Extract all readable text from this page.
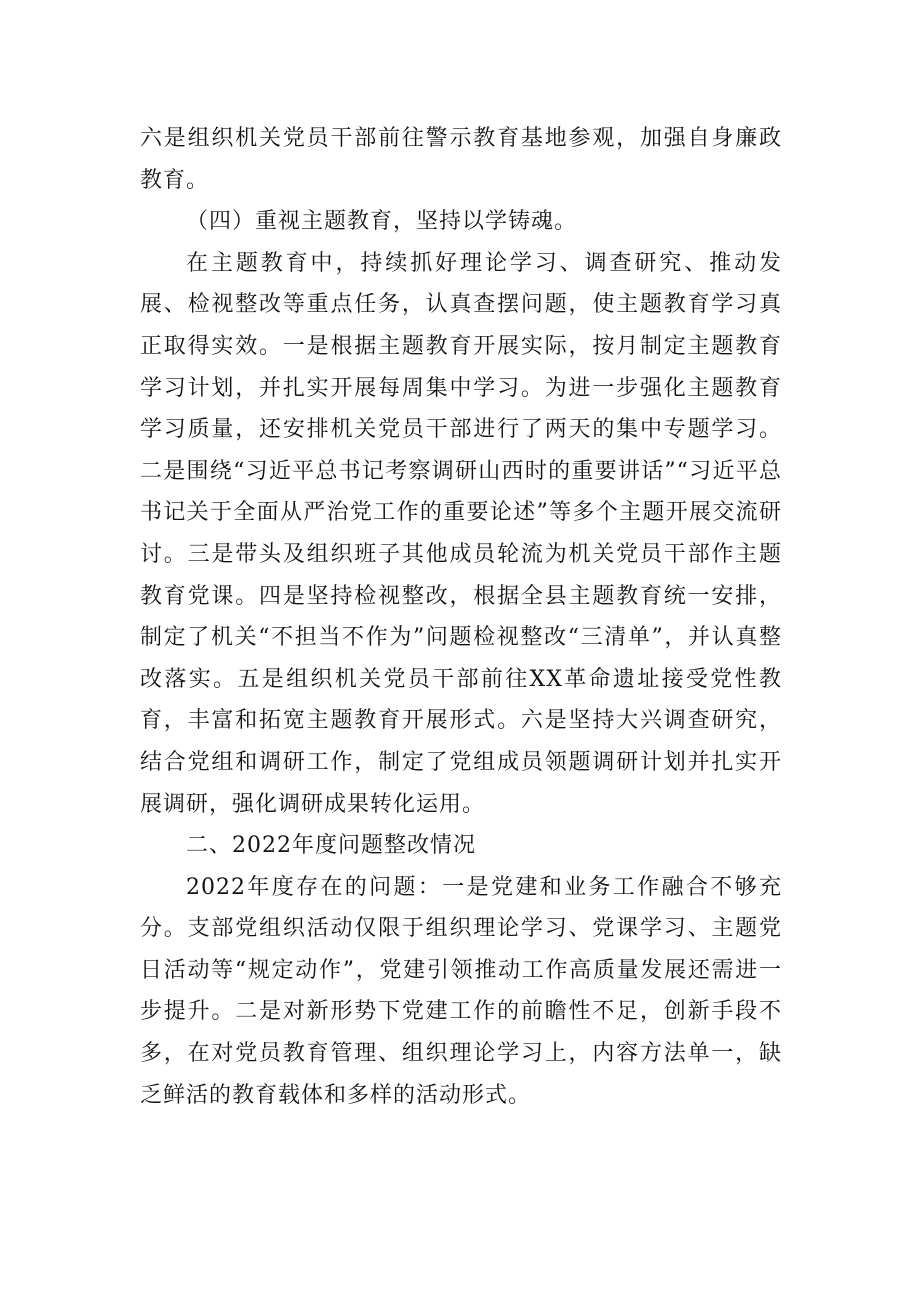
六是组织机关党员干部前往警示教育基地参观，加强自身廉政教育。

（四）重视主题教育，坚持以学铸魂。

在主题教育中，持续抓好理论学习、调查研究、推动发展、检视整改等重点任务，认真查摆问题，使主题教育学习真正取得实效。一是根据主题教育开展实际，按月制定主题教育学习计划，并扎实开展每周集中学习。为进一步强化主题教育学习质量，还安排机关党员干部进行了两天的集中专题学习。二是围绕“习近平总书记考察调研山西时的重要讲话”“习近平总书记关于全面从严治党工作的重要论述”等多个主题开展交流研讨。三是带头及组织班子其他成员轮流为机关党员干部作主题教育党课。四是坚持检视整改，根据全县主题教育统一安排，制定了机关“不担当不作为”问题检视整改“三清单”，并认真整改落实。五是组织机关党员干部前往XX革命遗址接受党性教育，丰富和拓宽主题教育开展形式。六是坚持大兴调查研究，结合党组和调研工作，制定了党组成员领题调研计划并扎实开展调研，强化调研成果转化运用。

二、2022年度问题整改情况

2022年度存在的问题：一是党建和业务工作融合不够充分。支部党组织活动仅限于组织理论学习、党课学习、主题党日活动等“规定动作”，党建引领推动工作高质量发展还需进一步提升。二是对新形势下党建工作的前瞻性不足，创新手段不多，在对党员教育管理、组织理论学习上，内容方法单一，缺乏鲜活的教育载体和多样的活动形式。
